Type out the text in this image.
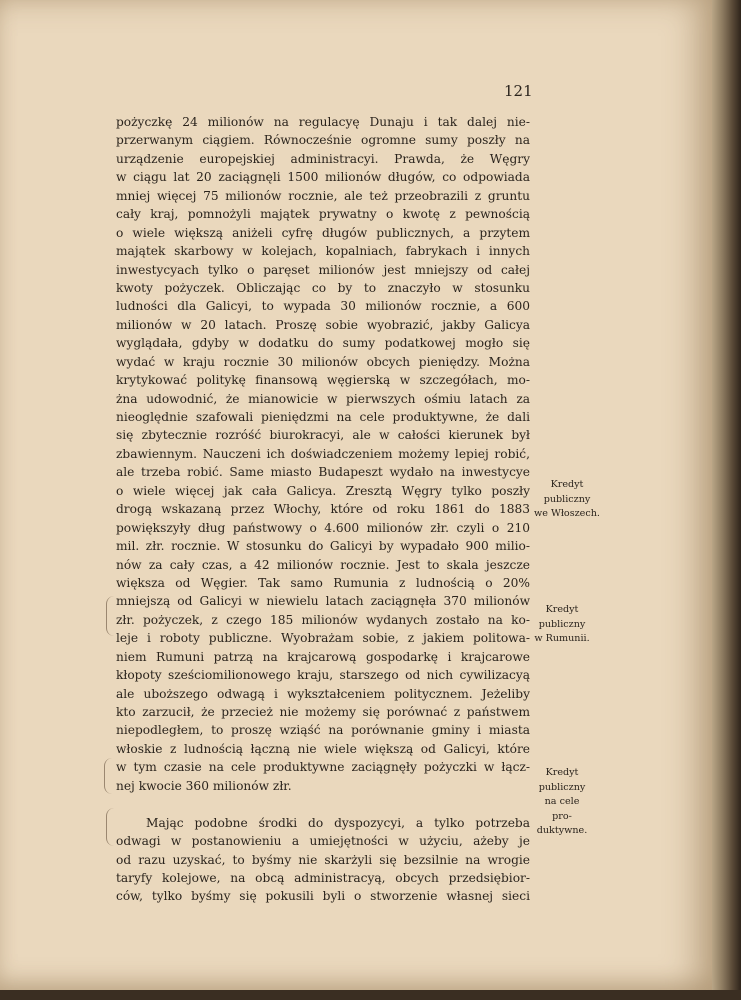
121
pożyczkę 24 milionów na regulacyę Dunaju i tak dalej nie-
przerwanym ciągiem. Równocześnie ogromne sumy poszły na
urządzenie europejskiej administracyi. Prawda, że Węgry
w ciągu lat 20 zaciągnęli 1500 milionów długów, co odpowiada
mniej więcej 75 milionów rocznie, ale też przeobrazili z gruntu
cały kraj, pomnożyli majątek prywatny o kwotę z pewnością
o wiele większą aniżeli cyfrę długów publicznych, a przytem
majątek skarbowy w kolejach, kopalniach, fabrykach i innych
inwestycyach tylko o paręset milionów jest mniejszy od całej
kwoty pożyczek. Obliczając co by to znaczyło w stosunku
ludności dla Galicyi, to wypada 30 milionów rocznie, a 600
milionów w 20 latach. Proszę sobie wyobrazić, jakby Galicya
wyglądała, gdyby w dodatku do sumy podatkowej mogło się
wydać w kraju rocznie 30 milionów obcych pieniędzy. Można
krytykować politykę finansową węgierską w szczegółach, mo-
żna udowodnić, że mianowicie w pierwszych ośmiu latach za
nieoględnie szafowali pieniędzmi na cele produktywne, że dali
się zbytecznie rozróść biurokracyi, ale w całości kierunek był
zbawiennym. Nauczeni ich doświadczeniem możemy lepiej robić,
ale trzeba robić. Same miasto Budapeszt wydało na inwestycye
o wiele więcej jak cała Galicya. Zresztą Węgry tylko poszły
drogą wskazaną przez Włochy, które od roku 1861 do 1883
powiększyły dług państwowy o 4.600 milionów złr. czyli o 210
mil. złr. rocznie. W stosunku do Galicyi by wypadało 900 milio-
nów za cały czas, a 42 milionów rocznie. Jest to skala jeszcze
większa od Węgier. Tak samo Rumunia z ludnością o 20%
mniejszą od Galicyi w niewielu latach zaciągnęła 370 milionów
złr. pożyczek, z czego 185 milionów wydanych zostało na ko-
leje i roboty publiczne. Wyobrażam sobie, z jakiem politowa-
niem Rumuni patrzą na krajcarową gospodarkę i krajcarowe
kłopoty sześciomilionowego kraju, starszego od nich cywilizacyą
ale uboższego odwagą i wykształceniem politycznem. Jeżeliby
kto zarzucił, że przecież nie możemy się porównać z państwem
niepodległem, to proszę wziąść na porównanie gminy i miasta
włoskie z ludnością łączną nie wiele większą od Galicyi, które
w tym czasie na cele produktywne zaciągnęły pożyczki w łącz-
nej kwocie 360 milionów złr.
Mając podobne środki do dyspozycyi, a tylko potrzeba
odwagi w postanowieniu a umiejętności w użyciu, ażeby je
od razu uzyskać, to byśmy nie skarżyli się bezsilnie na wrogie
taryfy kolejowe, na obcą administracyą, obcych przedsiębior-
ców, tylko byśmy się pokusili byli o stworzenie własnej sieci
Kredyt
publiczny
we Włoszech.
Kredyt
publiczny
w Rumunii.
Kredyt
publiczny
na cele
pro-
duktywne.
